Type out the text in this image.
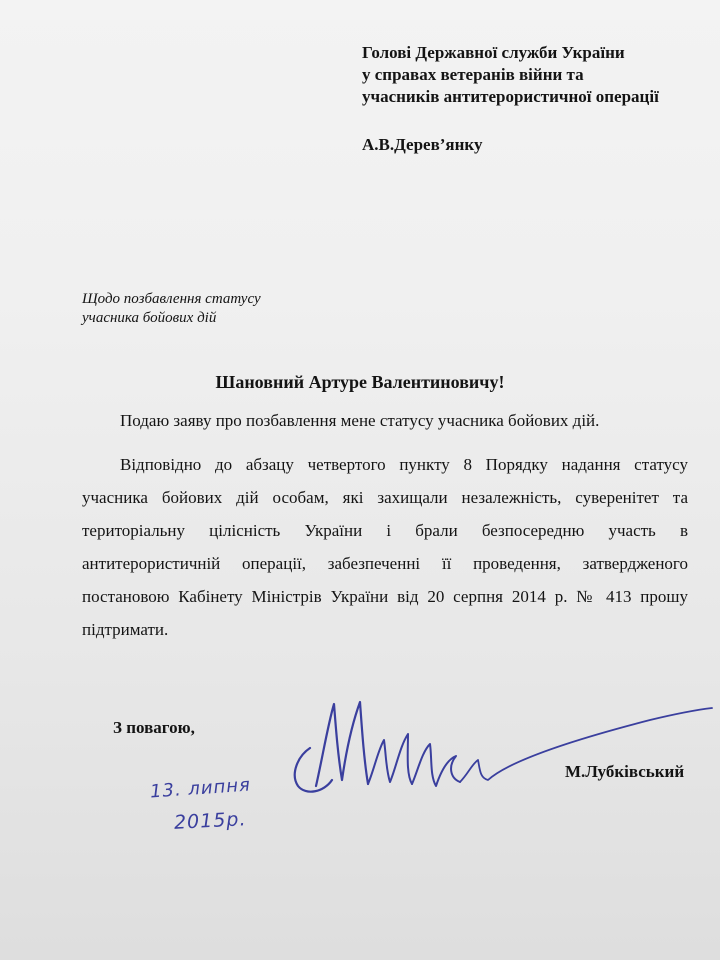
Голові Державної служби України
у справах ветеранів війни та
учасників антитерористичної операції
А.В.Дерев’янку
Щодо позбавлення статусу
учасника бойових дій
Шановний Артуре Валентиновичу!
Подаю заяву про позбавлення мене статусу учасника бойових дій.
Відповідно до абзацу четвертого пункту 8 Порядку надання статусу
учасника бойових дій особам, які захищали незалежність, суверенітет та
територіальну цілісність України і брали безпосередню участь в
антитерористичній операції, забезпеченні її проведення, затвердженого
постановою Кабінету Міністрів України від 20 серпня 2014 р. № 413 прошу
підтримати.
З повагою,
М.Лубківський
13. липня
2015р.
